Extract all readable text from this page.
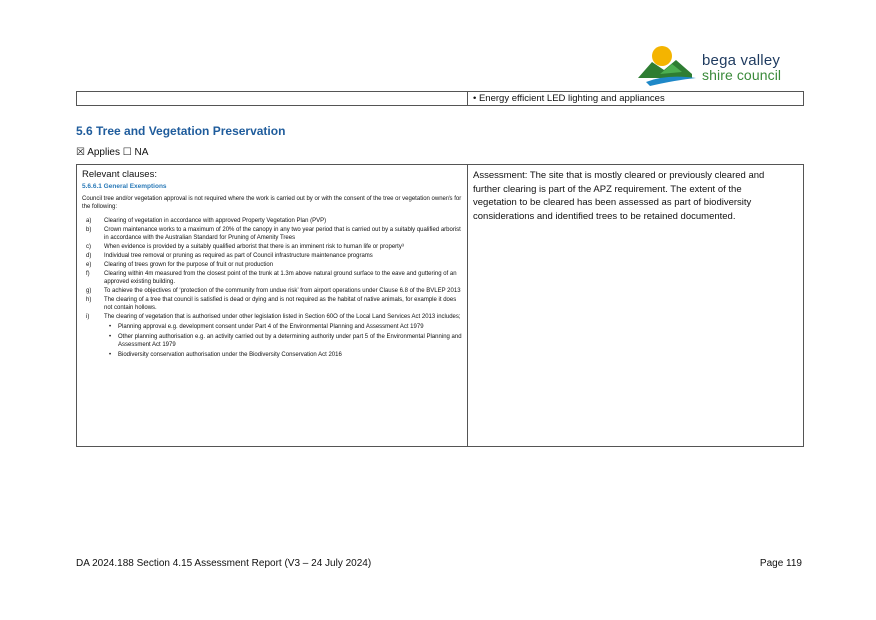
bega valley
shire council
• Energy efficient LED lighting and appliances
5.6 Tree and Vegetation Preservation
☒ Applies ☐ NA
Relevant clauses:
5.6.6.1 General Exemptions
Council tree and/or vegetation approval is not required where the work is carried out by or with the consent of the tree or vegetation owner/s for the following:
a) Clearing of vegetation in accordance with approved Property Vegetation Plan (PVP)
b) Crown maintenance works to a maximum of 20% of the canopy in any two year period that is carried out by a suitably qualified arborist in accordance with the Australian Standard for Pruning of Amenity Trees
c) When evidence is provided by a suitably qualified arborist that there is an imminent risk to human life or property³
d) Individual tree removal or pruning as required as part of Council infrastructure maintenance programs
e) Clearing of trees grown for the purpose of fruit or nut production
f) Clearing within 4m measured from the closest point of the trunk at 1.3m above natural ground surface to the eave and guttering of an approved existing building.
g) To achieve the objectives of ‘protection of the community from undue risk’ from airport operations under Clause 6.8 of the BVLEP 2013
h) The clearing of a tree that council is satisfied is dead or dying and is not required as the habitat of native animals, for example it does not contain hollows.
i) The clearing of vegetation that is authorised under other legislation listed in Section 60O of the Local Land Services Act 2013 includes;
• Planning approval e.g. development consent under Part 4 of the Environmental Planning and Assessment Act 1979
• Other planning authorisation e.g. an activity carried out by a determining authority under part 5 of the Environmental Planning and Assessment Act 1979
• Biodiversity conservation authorisation under the Biodiversity Conservation Act 2016
Assessment: The site that is mostly cleared or previously cleared and further clearing is part of the APZ requirement. The extent of the vegetation to be cleared has been assessed as part of biodiversity considerations and identified trees to be retained documented.
DA 2024.188 Section 4.15 Assessment Report (V3 – 24 July 2024)	Page 119
